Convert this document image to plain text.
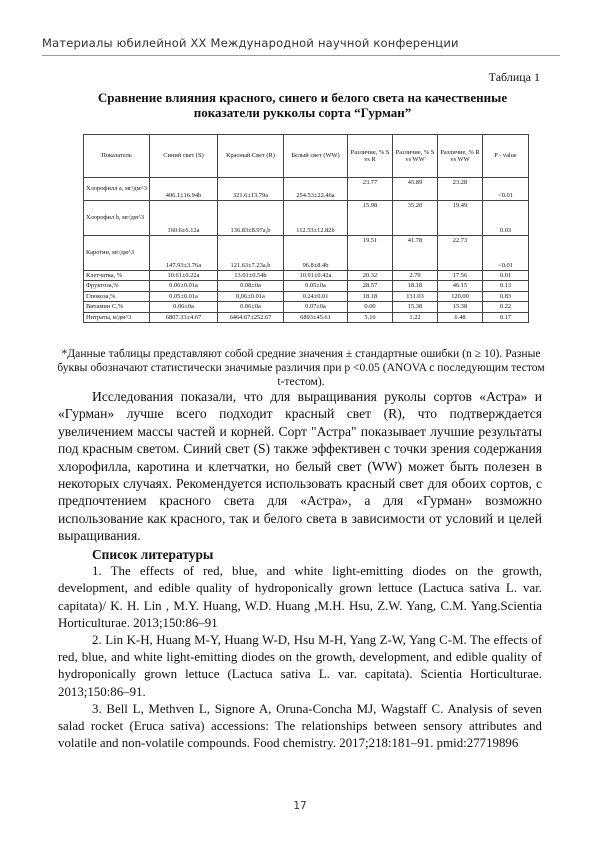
Материалы юбилейной XX Международной научной конференции
Таблица 1
Сравнение влияния красного, синего и белого света на качественные показатели рукколы сорта “Гурман”
Показатель	Синий свет (S)	Красный Свет (R)	Белый свет (WW)	Различие, % S vs R	Различие, % S vs WW	Различие, % R vs WW	P - value
Хлорофилл а, мг/дм^3	406.1±16.94b	321.6±13.79a	254.53±22.46a	23.77	45.89	23.28	<0.01
Хлорофил b, мг/дм^3	160.6±6.12a	136.83±8.97a,b	112.53±12.82b	15.98	35.20	19.49	0.03
Каротин, мг/дм^3	147.93±3.76a	121.63±7.23a,b	96.8±8.4b	19.51	41.78	22.73	<0.01
Клетчатка, %	10.61±0.22a	13.01±0.54b	10.91±0.42a	20.32	2.79	17.56	0.01
Фруктоза,%	0.06±0.01a	0.08±0a	0.05±0a	28.57	18.18	46.15	0.13
Глюкоза,%	0.05±0.01a	0,06±0.01a	0.24±0.01	18.18	131.03	120.00	0.83
Витамин С,%	0.06±0a	0.06±0a	0.07±0a	0.00	15.38	15.38	0.22
Нитраты, в/дм^3	6807.33±4.67	6464.67±252.67	6893±45.61	5.16	1.22	6.48	0.17
*Данные таблицы представляют собой средние значения ± стандартные ошибки (n ≥ 10). Разные буквы обозначают статистически значимые различия при p <0.05 (ANOVA с последующим тестом t-тестом).

Исследования показали, что для выращивания руколы сортов «Астра» и «Гурман» лучше всего подходит красный свет (R), что подтверждается увеличением массы частей и корней. Сорт "Астра" показывает лучшие результаты под красным светом. Синий свет (S) также эффективен с точки зрения содержания хлорофилла, каротина и клетчатки, но белый свет (WW) может быть полезен в некоторых случаях. Рекомендуется использовать красный свет для обоих сортов, с предпочтением красного света для «Астра», а для «Гурман» возможно использование как красного, так и белого света в зависимости от условий и целей выращивания.

Список литературы

1. The effects of red, blue, and white light-emitting diodes on the growth, development, and edible quality of hydroponically grown lettuce (Lactuca sativa L. var. capitata)/ K. H. Lin , M.Y. Huang, W.D. Huang ,M.H. Hsu, Z.W. Yang, C.M. Yang.Scientia Horticulturae. 2013;150:86–91

2. Lin K-H, Huang M-Y, Huang W-D, Hsu M-H, Yang Z-W, Yang C-M. The effects of red, blue, and white light-emitting diodes on the growth, development, and edible quality of hydroponically grown lettuce (Lactuca sativa L. var. capitata). Scientia Horticulturae. 2013;150:86–91.

3. Bell L, Methven L, Signore A, Oruna-Concha MJ, Wagstaff C. Analysis of seven salad rocket (Eruca sativa) accessions: The relationships between sensory attributes and volatile and non-volatile compounds. Food chemistry. 2017;218:181–91. pmid:27719896

17
